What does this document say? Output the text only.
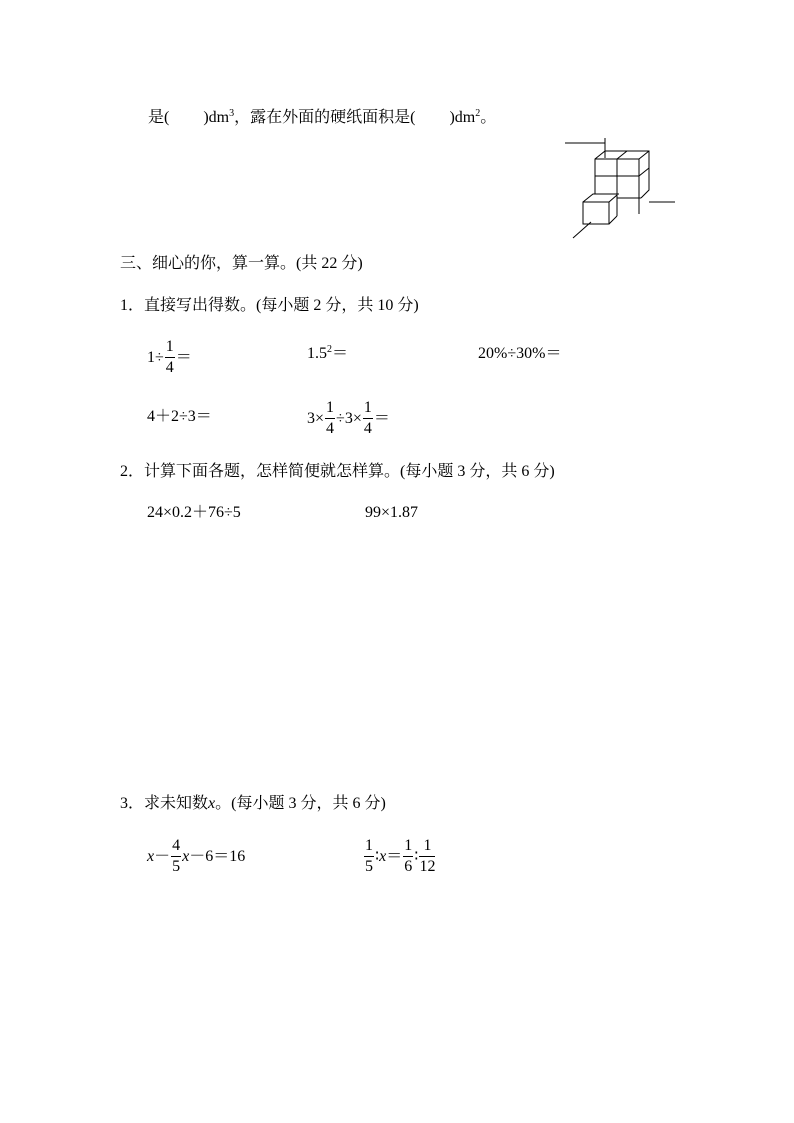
是( )$dm^3$，露在外面的硬纸面积是( )$dm^2$。
三、细心的你，算一算。(共 22 分)
1．直接写出得数。(每小题 2 分，共 10 分)
$1\div \frac{1}{4}$ ＝	$1.5^2=$	20%÷30%＝
4＋2÷3＝	$3\times \frac{1}{4} \div 3\times \frac{1}{4}$ ＝
2．计算下面各题，怎样简便就怎样算。(每小题 3 分，共 6 分)
24×0.2＋76÷5	99×1.87
3．求未知数x。(每小题 3 分，共 6 分)
$x - \frac{4}{5}$ x －6＝16	$\frac{1}{5}$ ∶ $x = \frac{1}{6}$ ∶ $\frac{1}{12}$
